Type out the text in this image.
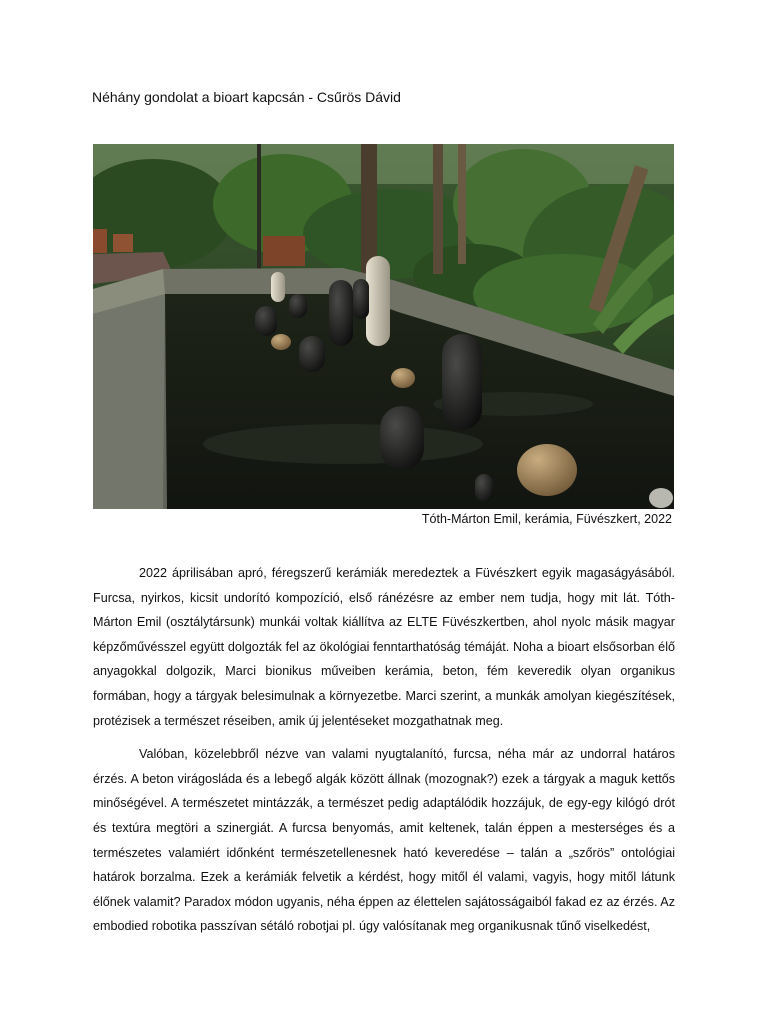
Néhány gondolat a bioart kapcsán - Csűrös Dávid
Tóth-Márton Emil, kerámia, Füvészkert, 2022

2022 áprilisában apró, féregszerű kerámiák meredeztek a Füvészkert egyik magaságyásából. Furcsa, nyirkos, kicsit undorító kompozíció, első ránézésre az ember nem tudja, hogy mit lát. Tóth-Márton Emil (osztálytársunk) munkái voltak kiállítva az ELTE Füvészkertben, ahol nyolc másik magyar képzőművésszel együtt dolgozták fel az ökológiai fenntarthatóság témáját. Noha a bioart elsősorban élő anyagokkal dolgozik, Marci bionikus műveiben kerámia, beton, fém keveredik olyan organikus formában, hogy a tárgyak belesimulnak a környezetbe. Marci szerint, a munkák amolyan kiegészítések, protézisek a természet réseiben, amik új jelentéseket mozgathatnak meg.

Valóban, közelebbről nézve van valami nyugtalanító, furcsa, néha már az undorral határos érzés. A beton virágosláda és a lebegő algák között állnak (mozognak?) ezek a tárgyak a maguk kettős minőségével. A természetet mintázzák, a természet pedig adaptálódik hozzájuk, de egy-egy kilógó drót és textúra megtöri a szinergiát. A furcsa benyomás, amit keltenek, talán éppen a mesterséges és a természetes valamiért időnként természetellenesnek ható keveredése – talán a „szőrös” ontológiai határok borzalma. Ezek a kerámiák felvetik a kérdést, hogy mitől él valami, vagyis, hogy mitől látunk élőnek valamit? Paradox módon ugyanis, néha éppen az élettelen sajátosságaiból fakad ez az érzés. Az embodied robotika passzívan sétáló robotjai pl. úgy valósítanak meg organikusnak tűnő viselkedést,
